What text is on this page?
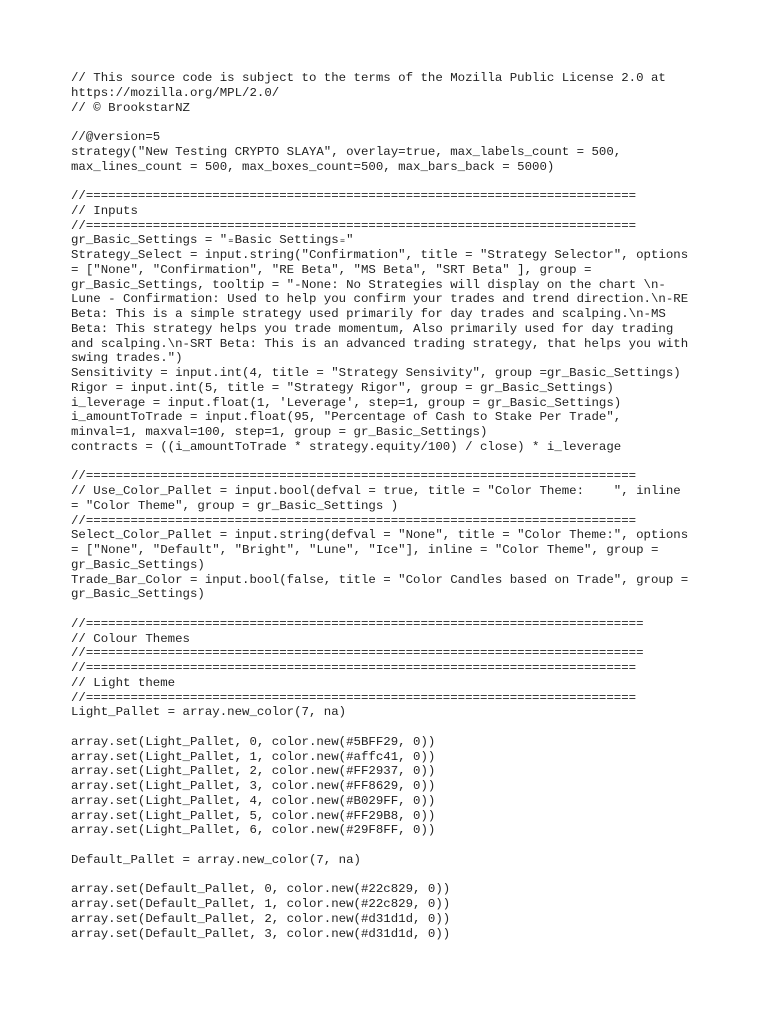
// This source code is subject to the terms of the Mozilla Public License 2.0 at
https://mozilla.org/MPL/2.0/
// © BrookstarNZ
//@version=5
strategy("New Testing CRYPTO SLAYA", overlay=true, max_labels_count = 500,
max_lines_count = 500, max_boxes_count=500, max_bars_back = 5000)
//==========================================================================
// Inputs
//==========================================================================
gr_Basic_Settings = "₌Basic Settings₌"
Strategy_Select = input.string("Confirmation", title = "Strategy Selector", options
= ["None", "Confirmation", "RE Beta", "MS Beta", "SRT Beta" ], group =
gr_Basic_Settings, tooltip = "-None: No Strategies will display on the chart \n-
Lune - Confirmation: Used to help you confirm your trades and trend direction.\n-RE
Beta: This is a simple strategy used primarily for day trades and scalping.\n-MS
Beta: This strategy helps you trade momentum, Also primarily used for day trading
and scalping.\n-SRT Beta: This is an advanced trading strategy, that helps you with
swing trades.")
Sensitivity = input.int(4, title = "Strategy Sensivity", group =gr_Basic_Settings)
Rigor = input.int(5, title = "Strategy Rigor", group = gr_Basic_Settings)
i_leverage = input.float(1, 'Leverage', step=1, group = gr_Basic_Settings)
i_amountToTrade = input.float(95, "Percentage of Cash to Stake Per Trade",
minval=1, maxval=100, step=1, group = gr_Basic_Settings)
contracts = ((i_amountToTrade * strategy.equity/100) / close) * i_leverage
//==========================================================================
// Use_Color_Pallet = input.bool(defval = true, title = "Color Theme:    ", inline
= "Color Theme", group = gr_Basic_Settings )
//==========================================================================
Select_Color_Pallet = input.string(defval = "None", title = "Color Theme:", options
= ["None", "Default", "Bright", "Lune", "Ice"], inline = "Color Theme", group =
gr_Basic_Settings)
Trade_Bar_Color = input.bool(false, title = "Color Candles based on Trade", group =
gr_Basic_Settings)
//===========================================================================
// Colour Themes
//===========================================================================
//==========================================================================
// Light theme
//==========================================================================
Light_Pallet = array.new_color(7, na)
array.set(Light_Pallet, 0, color.new(#5BFF29, 0))
array.set(Light_Pallet, 1, color.new(#affc41, 0))
array.set(Light_Pallet, 2, color.new(#FF2937, 0))
array.set(Light_Pallet, 3, color.new(#FF8629, 0))
array.set(Light_Pallet, 4, color.new(#B029FF, 0))
array.set(Light_Pallet, 5, color.new(#FF29B8, 0))
array.set(Light_Pallet, 6, color.new(#29F8FF, 0))
Default_Pallet = array.new_color(7, na)
array.set(Default_Pallet, 0, color.new(#22c829, 0))
array.set(Default_Pallet, 1, color.new(#22c829, 0))
array.set(Default_Pallet, 2, color.new(#d31d1d, 0))
array.set(Default_Pallet, 3, color.new(#d31d1d, 0))
